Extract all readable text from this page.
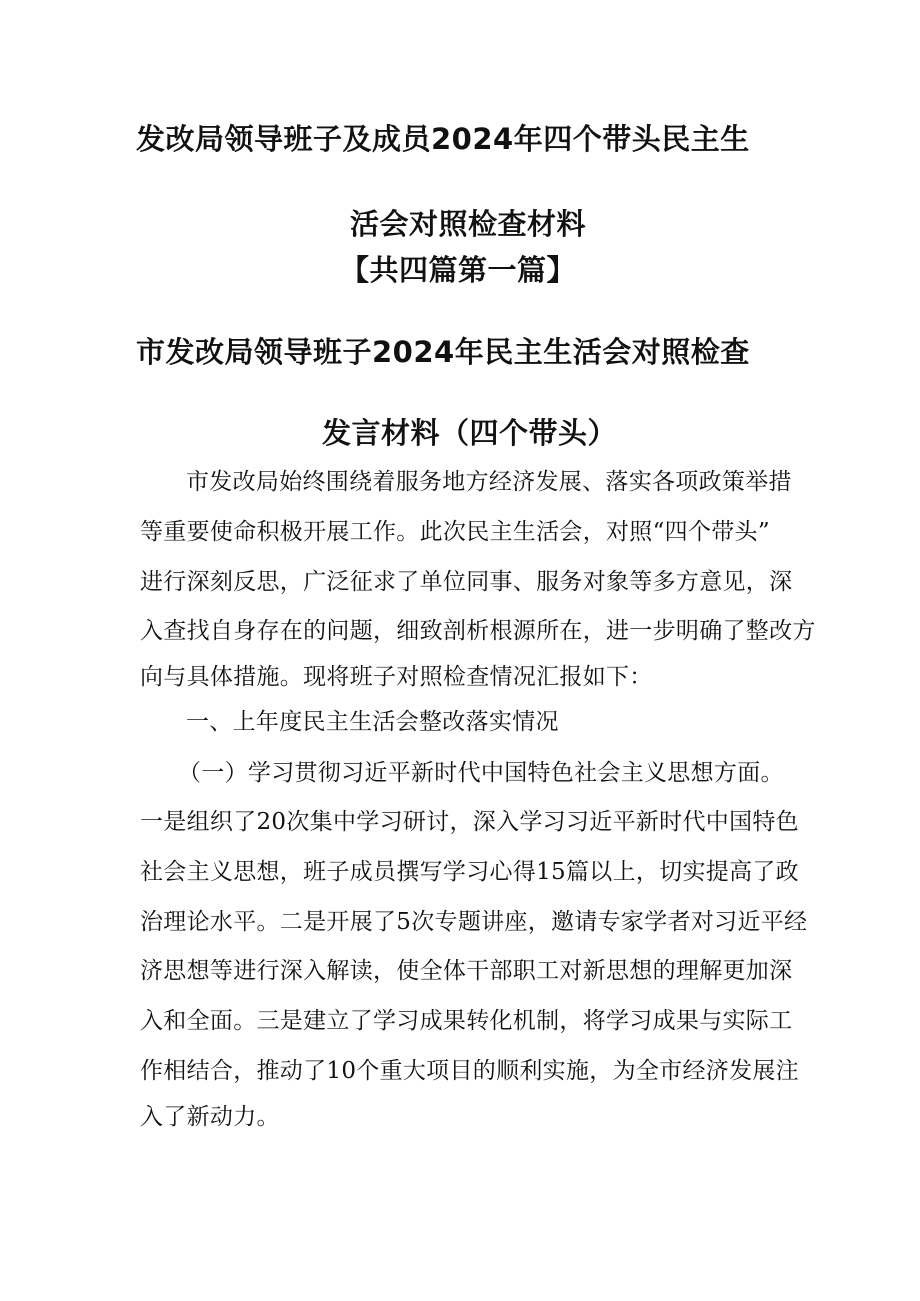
发改局领导班子及成员2024年四个带头民主生
活会对照检查材料
【共四篇第一篇】
市发改局领导班子2024年民主生活会对照检查
发言材料（四个带头）
市发改局始终围绕着服务地方经济发展、落实各项政策举措
等重要使命积极开展工作。此次民主生活会，对照“四个带头”
进行深刻反思，广泛征求了单位同事、服务对象等多方意见，深
入查找自身存在的问题，细致剖析根源所在，进一步明确了整改方
向与具体措施。现将班子对照检查情况汇报如下：
一、上年度民主生活会整改落实情况
（一）学习贯彻习近平新时代中国特色社会主义思想方面。
一是组织了20次集中学习研讨，深入学习习近平新时代中国特色
社会主义思想，班子成员撰写学习心得15篇以上，切实提高了政
治理论水平。二是开展了5次专题讲座，邀请专家学者对习近平经
济思想等进行深入解读，使全体干部职工对新思想的理解更加深
入和全面。三是建立了学习成果转化机制，将学习成果与实际工
作相结合，推动了10个重大项目的顺利实施，为全市经济发展注
入了新动力。
